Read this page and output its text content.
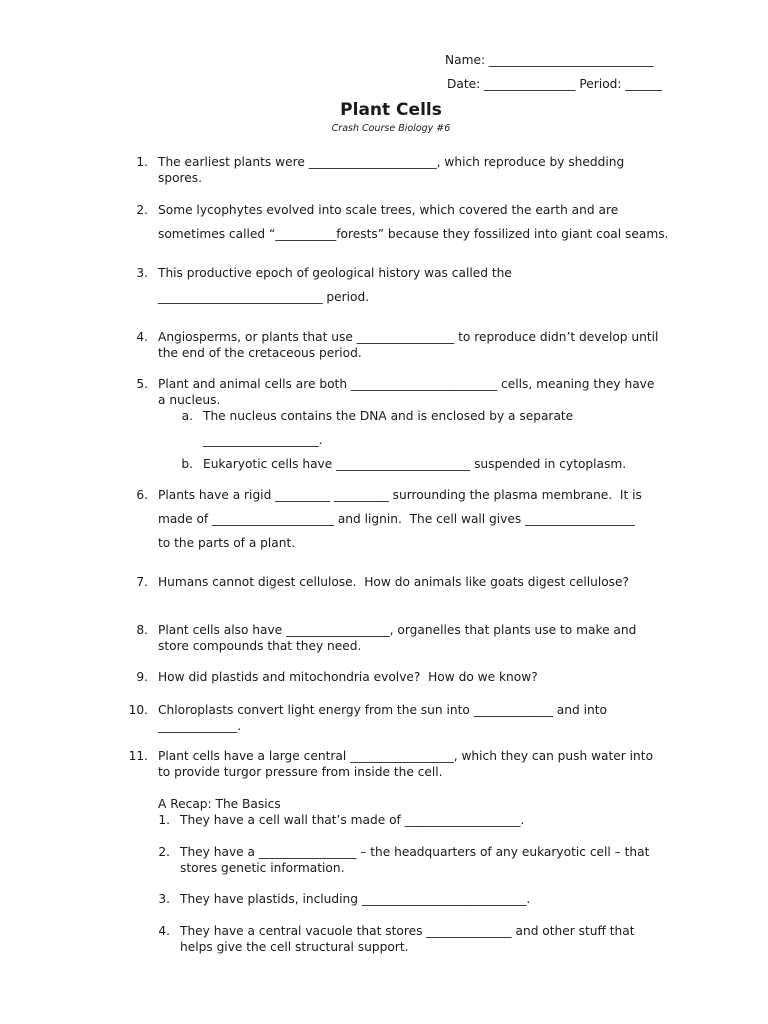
Name: ___________________________
Date: _______________ Period: ______
Plant Cells
Crash Course Biology #6
1. The earliest plants were _____________________, which reproduce by shedding
spores.
2. Some lycophytes evolved into scale trees, which covered the earth and are
sometimes called “__________forests” because they fossilized into giant coal seams.
3. This productive epoch of geological history was called the
___________________________ period.
4. Angiosperms, or plants that use ________________ to reproduce didn’t develop until
the end of the cretaceous period.
5. Plant and animal cells are both ________________________ cells, meaning they have
a nucleus.
a. The nucleus contains the DNA and is enclosed by a separate
___________________.
b. Eukaryotic cells have ______________________ suspended in cytoplasm.
6. Plants have a rigid _________ _________ surrounding the plasma membrane.  It is
made of ____________________ and lignin.  The cell wall gives __________________
to the parts of a plant.
7. Humans cannot digest cellulose.  How do animals like goats digest cellulose?
8. Plant cells also have _________________, organelles that plants use to make and
store compounds that they need.
9. How did plastids and mitochondria evolve?  How do we know?
10. Chloroplasts convert light energy from the sun into _____________ and into
_____________.
11. Plant cells have a large central _________________, which they can push water into
to provide turgor pressure from inside the cell.
A Recap: The Basics
1. They have a cell wall that’s made of ___________________.
2. They have a ________________ – the headquarters of any eukaryotic cell – that
stores genetic information.
3. They have plastids, including ___________________________.
4. They have a central vacuole that stores ______________ and other stuff that
helps give the cell structural support.
